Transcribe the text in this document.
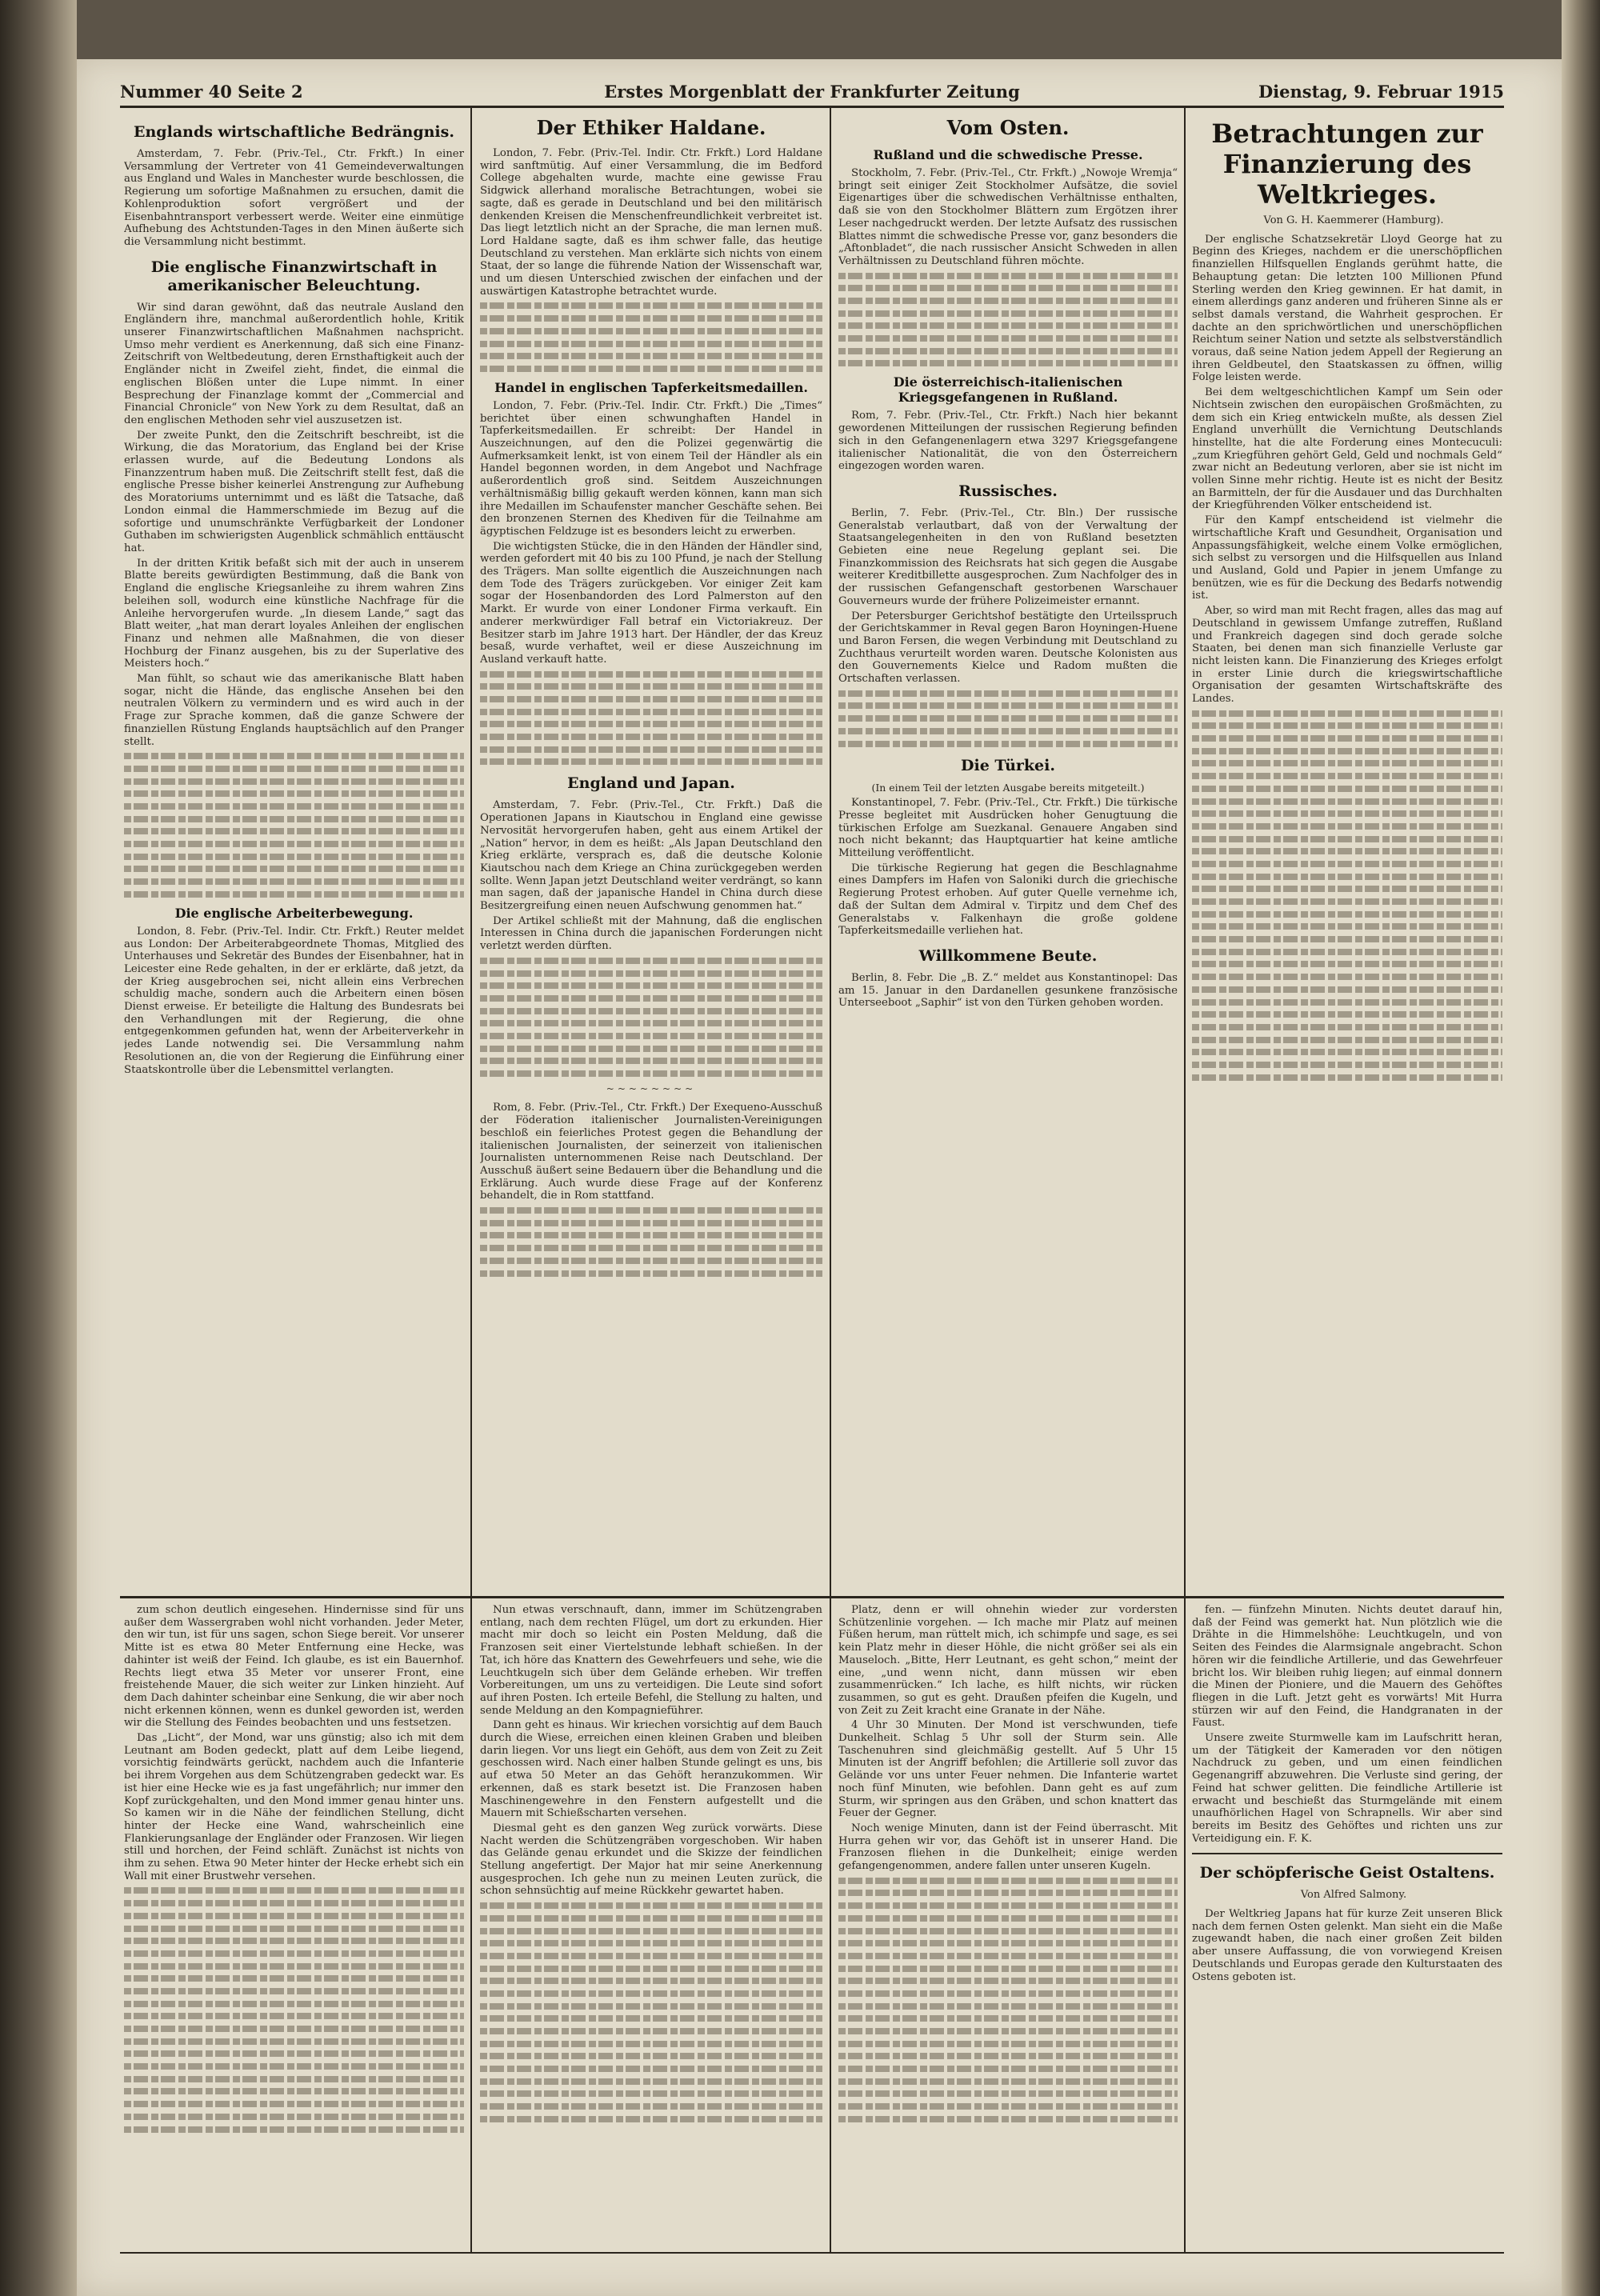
Nummer 40 Seite 2	Erstes Morgenblatt der Frankfurter Zeitung	Dienstag, 9. Februar 1915
Englands wirtschaftliche Bedrängnis.

Amsterdam, 7. Febr. (Priv.-Tel., Ctr. Frkft.) In einer Versammlung der Vertreter von 41 Gemeindeverwaltungen aus England und Wales in Manchester wurde beschlossen, die Regierung um sofortige Maßnahmen zu ersuchen, damit die Kohlenproduktion sofort vergrößert und der Eisenbahntransport verbessert werde. Weiter eine einmütige Aufhebung des Achtstunden-Tages in den Minen äußerte sich die Versammlung nicht bestimmt.

Die englische Finanzwirtschaft in amerikanischer Beleuchtung.

Wir sind daran gewöhnt, daß das neutrale Ausland den Engländern ihre, manchmal außerordentlich hohle, Kritik unserer Finanzwirtschaftlichen Maßnahmen nachspricht. Umso mehr verdient es Anerkennung, daß sich eine Finanz-Zeitschrift von Weltbedeutung, deren Ernsthaftigkeit auch der Engländer nicht in Zweifel zieht, findet, die einmal die englischen Blößen unter die Lupe nimmt. In einer Besprechung der Finanzlage kommt der „Commercial and Financial Chronicle“ von New York zu dem Resultat, daß an den englischen Methoden sehr viel auszusetzen ist.

Der zweite Punkt, den die Zeitschrift beschreibt, ist die Wirkung, die das Moratorium, das England bei der Krise erlassen wurde, auf die Bedeutung Londons als Finanzzentrum haben muß. Die Zeitschrift stellt fest, daß die englische Presse bisher keinerlei Anstrengung zur Aufhebung des Moratoriums unternimmt und es läßt die Tatsache, daß London einmal die Hammerschmiede im Bezug auf die sofortige und unumschränkte Verfügbarkeit der Londoner Guthaben im schwierigsten Augenblick schmählich enttäuscht hat.

In der dritten Kritik befaßt sich mit der auch in unserem Blatte bereits gewürdigten Bestimmung, daß die Bank von England die englische Kriegsanleihe zu ihrem wahren Zins beleihen soll, wodurch eine künstliche Nachfrage für die Anleihe hervorgerufen wurde. „In diesem Lande,“ sagt das Blatt weiter, „hat man derart loyales Anleihen der englischen Finanz und nehmen alle Maßnahmen, die von dieser Hochburg der Finanz ausgehen, bis zu der Superlative des Meisters hoch.“

Man fühlt, so schaut wie das amerikanische Blatt haben sogar, nicht die Hände, das englische Ansehen bei den neutralen Völkern zu vermindern und es wird auch in der Frage zur Sprache kommen, daß die ganze Schwere der finanziellen Rüstung Englands hauptsächlich auf den Pranger stellt.

Die englische Arbeiterbewegung.

London, 8. Febr. (Priv.-Tel. Indir. Ctr. Frkft.) Reuter meldet aus London: Der Arbeiterabgeordnete Thomas, Mitglied des Unterhauses und Sekretär des Bundes der Eisenbahner, hat in Leicester eine Rede gehalten, in der er erklärte, daß jetzt, da der Krieg ausgebrochen sei, nicht allein eins Verbrechen schuldig mache, sondern auch die Arbeitern einen bösen Dienst erweise. Er beteiligte die Haltung des Bundesrats bei den Verhandlungen mit der Regierung, die ohne entgegenkommen gefunden hat, wenn der Arbeiterverkehr in jedes Lande notwendig sei. Die Versammlung nahm Resolutionen an, die von der Regierung die Einführung einer Staatskontrolle über die Lebensmittel verlangten.

Der Ethiker Haldane.

London, 7. Febr. (Priv.-Tel. Indir. Ctr. Frkft.) Lord Haldane wird sanftmütig. Auf einer Versammlung, die im Bedford College abgehalten wurde, machte eine gewisse Frau Sidgwick allerhand moralische Betrachtungen, wobei sie sagte, daß es gerade in Deutschland und bei den militärisch denkenden Kreisen die Menschenfreundlichkeit verbreitet ist. Das liegt letztlich nicht an der Sprache, die man lernen muß. Lord Haldane sagte, daß es ihm schwer falle, das heutige Deutschland zu verstehen. Man erklärte sich nichts von einem Staat, der so lange die führende Nation der Wissenschaft war, und um diesen Unterschied zwischen der einfachen und der auswärtigen Katastrophe betrachtet wurde.

Handel in englischen Tapferkeitsmedaillen.

London, 7. Febr. (Priv.-Tel. Indir. Ctr. Frkft.) Die „Times“ berichtet über einen schwunghaften Handel in Tapferkeitsmedaillen. Er schreibt: Der Handel in Auszeichnungen, auf den die Polizei gegenwärtig die Aufmerksamkeit lenkt, ist von einem Teil der Händler als ein Handel begonnen worden, in dem Angebot und Nachfrage außerordentlich groß sind. Seitdem Auszeichnungen verhältnismäßig billig gekauft werden können, kann man sich ihre Medaillen im Schaufenster mancher Geschäfte sehen. Bei den bronzenen Sternen des Khediven für die Teilnahme am ägyptischen Feldzuge ist es besonders leicht zu erwerben.

Die wichtigsten Stücke, die in den Händen der Händler sind, werden gefordert mit 40 bis zu 100 Pfund, je nach der Stellung des Trägers. Man sollte eigentlich die Auszeichnungen nach dem Tode des Trägers zurückgeben. Vor einiger Zeit kam sogar der Hosenbandorden des Lord Palmerston auf den Markt. Er wurde von einer Londoner Firma verkauft. Ein anderer merkwürdiger Fall betraf ein Victoriakreuz. Der Besitzer starb im Jahre 1913 hart. Der Händler, der das Kreuz besaß, wurde verhaftet, weil er diese Auszeichnung im Ausland verkauft hatte.

England und Japan.

Amsterdam, 7. Febr. (Priv.-Tel., Ctr. Frkft.) Daß die Operationen Japans in Kiautschou in England eine gewisse Nervosität hervorgerufen haben, geht aus einem Artikel der „Nation“ hervor, in dem es heißt: „Als Japan Deutschland den Krieg erklärte, versprach es, daß die deutsche Kolonie Kiautschou nach dem Kriege an China zurückgegeben werden sollte. Wenn Japan jetzt Deutschland weiter verdrängt, so kann man sagen, daß der japanische Handel in China durch diese Besitzergreifung einen neuen Aufschwung genommen hat.“

Der Artikel schließt mit der Mahnung, daß die englischen Interessen in China durch die japanischen Forderungen nicht verletzt werden dürften.

~~~~~~~~

Rom, 8. Febr. (Priv.-Tel., Ctr. Frkft.) Der Exequeno-Ausschuß der Föderation italienischer Journalisten-Vereinigungen beschloß ein feierliches Protest gegen die Behandlung der italienischen Journalisten, der seinerzeit von italienischen Journalisten unternommenen Reise nach Deutschland. Der Ausschuß äußert seine Bedauern über die Behandlung und die Erklärung. Auch wurde diese Frage auf der Konferenz behandelt, die in Rom stattfand.

Vom Osten.
Rußland und die schwedische Presse.

Stockholm, 7. Febr. (Priv.-Tel., Ctr. Frkft.) „Nowoje Wremja“ bringt seit einiger Zeit Stockholmer Aufsätze, die soviel Eigenartiges über die schwedischen Verhältnisse enthalten, daß sie von den Stockholmer Blättern zum Ergötzen ihrer Leser nachgedruckt werden. Der letzte Aufsatz des russischen Blattes nimmt die schwedische Presse vor, ganz besonders die „Aftonbladet“, die nach russischer Ansicht Schweden in allen Verhältnissen zu Deutschland führen möchte.

Die österreichisch-italienischen Kriegsgefangenen in Rußland.

Rom, 7. Febr. (Priv.-Tel., Ctr. Frkft.) Nach hier bekannt gewordenen Mitteilungen der russischen Regierung befinden sich in den Gefangenenlagern etwa 3297 Kriegsgefangene italienischer Nationalität, die von den Österreichern eingezogen worden waren.

Russisches.

Berlin, 7. Febr. (Priv.-Tel., Ctr. Bln.) Der russische Generalstab verlautbart, daß von der Verwaltung der Staatsangelegenheiten in den von Rußland besetzten Gebieten eine neue Regelung geplant sei. Die Finanzkommission des Reichsrats hat sich gegen die Ausgabe weiterer Kreditbillette ausgesprochen. Zum Nachfolger des in der russischen Gefangenschaft gestorbenen Warschauer Gouverneurs wurde der frühere Polizeimeister ernannt.

Der Petersburger Gerichtshof bestätigte den Urteilsspruch der Gerichtskammer in Reval gegen Baron Hoyningen-Huene und Baron Fersen, die wegen Verbindung mit Deutschland zu Zuchthaus verurteilt worden waren. Deutsche Kolonisten aus den Gouvernements Kielce und Radom mußten die Ortschaften verlassen.

Die Türkei.

(In einem Teil der letzten Ausgabe bereits mitgeteilt.)

Konstantinopel, 7. Febr. (Priv.-Tel., Ctr. Frkft.) Die türkische Presse begleitet mit Ausdrücken hoher Genugtuung die türkischen Erfolge am Suezkanal. Genauere Angaben sind noch nicht bekannt; das Hauptquartier hat keine amtliche Mitteilung veröffentlicht.

Die türkische Regierung hat gegen die Beschlagnahme eines Dampfers im Hafen von Saloniki durch die griechische Regierung Protest erhoben. Auf guter Quelle vernehme ich, daß der Sultan dem Admiral v. Tirpitz und dem Chef des Generalstabs v. Falkenhayn die große goldene Tapferkeitsmedaille verliehen hat.

Willkommene Beute.

Berlin, 8. Febr. Die „B. Z.“ meldet aus Konstantinopel: Das am 15. Januar in den Dardanellen gesunkene französische Unterseeboot „Saphir“ ist von den Türken gehoben worden.

Betrachtungen zur Finanzierung des Weltkrieges.

Von G. H. Kaemmerer (Hamburg).

Der englische Schatzsekretär Lloyd George hat zu Beginn des Krieges, nachdem er die unerschöpflichen finanziellen Hilfsquellen Englands gerühmt hatte, die Behauptung getan: Die letzten 100 Millionen Pfund Sterling werden den Krieg gewinnen. Er hat damit, in einem allerdings ganz anderen und früheren Sinne als er selbst damals verstand, die Wahrheit gesprochen. Er dachte an den sprichwörtlichen und unerschöpflichen Reichtum seiner Nation und setzte als selbstverständlich voraus, daß seine Nation jedem Appell der Regierung an ihren Geldbeutel, den Staatskassen zu öffnen, willig Folge leisten werde.

Bei dem weltgeschichtlichen Kampf um Sein oder Nichtsein zwischen den europäischen Großmächten, zu dem sich ein Krieg entwickeln mußte, als dessen Ziel England unverhüllt die Vernichtung Deutschlands hinstellte, hat die alte Forderung eines Montecuculi: „zum Kriegführen gehört Geld, Geld und nochmals Geld“ zwar nicht an Bedeutung verloren, aber sie ist nicht im vollen Sinne mehr richtig. Heute ist es nicht der Besitz an Barmitteln, der für die Ausdauer und das Durchhalten der Kriegführenden Völker entscheidend ist.

Für den Kampf entscheidend ist vielmehr die wirtschaftliche Kraft und Gesundheit, Organisation und Anpassungsfähigkeit, welche einem Volke ermöglichen, sich selbst zu versorgen und die Hilfsquellen aus Inland und Ausland, Gold und Papier in jenem Umfange zu benützen, wie es für die Deckung des Bedarfs notwendig ist.

Aber, so wird man mit Recht fragen, alles das mag auf Deutschland in gewissem Umfange zutreffen, Rußland und Frankreich dagegen sind doch gerade solche Staaten, bei denen man sich finanzielle Verluste gar nicht leisten kann. Die Finanzierung des Krieges erfolgt in erster Linie durch die kriegswirtschaftliche Organisation der gesamten Wirtschaftskräfte des Landes.

zum schon deutlich eingesehen. Hindernisse sind für uns außer dem Wassergraben wohl nicht vorhanden. Jeder Meter, den wir tun, ist für uns sagen, schon Siege bereit. Vor unserer Mitte ist es etwa 80 Meter Entfernung eine Hecke, was dahinter ist weiß der Feind. Ich glaube, es ist ein Bauernhof. Rechts liegt etwa 35 Meter vor unserer Front, eine freistehende Mauer, die sich weiter zur Linken hinzieht. Auf dem Dach dahinter scheinbar eine Senkung, die wir aber noch nicht erkennen können, wenn es dunkel geworden ist, werden wir die Stellung des Feindes beobachten und uns festsetzen.

Das „Licht“, der Mond, war uns günstig; also ich mit dem Leutnant am Boden gedeckt, platt auf dem Leibe liegend, vorsichtig feindwärts gerückt, nachdem auch die Infanterie bei ihrem Vorgehen aus dem Schützengraben gedeckt war. Es ist hier eine Hecke wie es ja fast ungefährlich; nur immer den Kopf zurückgehalten, und den Mond immer genau hinter uns. So kamen wir in die Nähe der feindlichen Stellung, dicht hinter der Hecke eine Wand, wahrscheinlich eine Flankierungsanlage der Engländer oder Franzosen. Wir liegen still und horchen, der Feind schläft. Zunächst ist nichts von ihm zu sehen. Etwa 90 Meter hinter der Hecke erhebt sich ein Wall mit einer Brustwehr versehen.

Nun etwas verschnauft, dann, immer im Schützengraben entlang, nach dem rechten Flügel, um dort zu erkunden. Hier macht mir doch so leicht ein Posten Meldung, daß die Franzosen seit einer Viertelstunde lebhaft schießen. In der Tat, ich höre das Knattern des Gewehrfeuers und sehe, wie die Leuchtkugeln sich über dem Gelände erheben. Wir treffen Vorbereitungen, um uns zu verteidigen. Die Leute sind sofort auf ihren Posten. Ich erteile Befehl, die Stellung zu halten, und sende Meldung an den Kompagnieführer.

Dann geht es hinaus. Wir kriechen vorsichtig auf dem Bauch durch die Wiese, erreichen einen kleinen Graben und bleiben darin liegen. Vor uns liegt ein Gehöft, aus dem von Zeit zu Zeit geschossen wird. Nach einer halben Stunde gelingt es uns, bis auf etwa 50 Meter an das Gehöft heranzukommen. Wir erkennen, daß es stark besetzt ist. Die Franzosen haben Maschinengewehre in den Fenstern aufgestellt und die Mauern mit Schießscharten versehen.

Diesmal geht es den ganzen Weg zurück vorwärts. Diese Nacht werden die Schützengräben vorgeschoben. Wir haben das Gelände genau erkundet und die Skizze der feindlichen Stellung angefertigt. Der Major hat mir seine Anerkennung ausgesprochen. Ich gehe nun zu meinen Leuten zurück, die schon sehnsüchtig auf meine Rückkehr gewartet haben.

Platz, denn er will ohnehin wieder zur vordersten Schützenlinie vorgehen. — Ich mache mir Platz auf meinen Füßen herum, man rüttelt mich, ich schimpfe und sage, es sei kein Platz mehr in dieser Höhle, die nicht größer sei als ein Mauseloch. „Bitte, Herr Leutnant, es geht schon,“ meint der eine, „und wenn nicht, dann müssen wir eben zusammenrücken.“ Ich lache, es hilft nichts, wir rücken zusammen, so gut es geht. Draußen pfeifen die Kugeln, und von Zeit zu Zeit kracht eine Granate in der Nähe.

4 Uhr 30 Minuten. Der Mond ist verschwunden, tiefe Dunkelheit. Schlag 5 Uhr soll der Sturm sein. Alle Taschenuhren sind gleichmäßig gestellt. Auf 5 Uhr 15 Minuten ist der Angriff befohlen; die Artillerie soll zuvor das Gelände vor uns unter Feuer nehmen. Die Infanterie wartet noch fünf Minuten, wie befohlen. Dann geht es auf zum Sturm, wir springen aus den Gräben, und schon knattert das Feuer der Gegner.

Noch wenige Minuten, dann ist der Feind überrascht. Mit Hurra gehen wir vor, das Gehöft ist in unserer Hand. Die Franzosen fliehen in die Dunkelheit; einige werden gefangengenommen, andere fallen unter unseren Kugeln.

fen. — fünfzehn Minuten. Nichts deutet darauf hin, daß der Feind was gemerkt hat. Nun plötzlich wie die Drähte in die Himmelshöhe: Leuchtkugeln, und von Seiten des Feindes die Alarmsignale angebracht. Schon hören wir die feindliche Artillerie, und das Gewehrfeuer bricht los. Wir bleiben ruhig liegen; auf einmal donnern die Minen der Pioniere, und die Mauern des Gehöftes fliegen in die Luft. Jetzt geht es vorwärts! Mit Hurra stürzen wir auf den Feind, die Handgranaten in der Faust.

Unsere zweite Sturmwelle kam im Laufschritt heran, um der Tätigkeit der Kameraden vor den nötigen Nachdruck zu geben, und um einen feindlichen Gegenangriff abzuwehren. Die Verluste sind gering, der Feind hat schwer gelitten. Die feindliche Artillerie ist erwacht und beschießt das Sturmgelände mit einem unaufhörlichen Hagel von Schrapnells. Wir aber sind bereits im Besitz des Gehöftes und richten uns zur Verteidigung ein. F. K.

Der schöpferische Geist Ostaltens.

Von Alfred Salmony.

Der Weltkrieg Japans hat für kurze Zeit unseren Blick nach dem fernen Osten gelenkt. Man sieht ein die Maße zugewandt haben, die nach einer großen Zeit bilden aber unsere Auffassung, die von vorwiegend Kreisen Deutschlands und Europas gerade den Kulturstaaten des Ostens geboten ist.
